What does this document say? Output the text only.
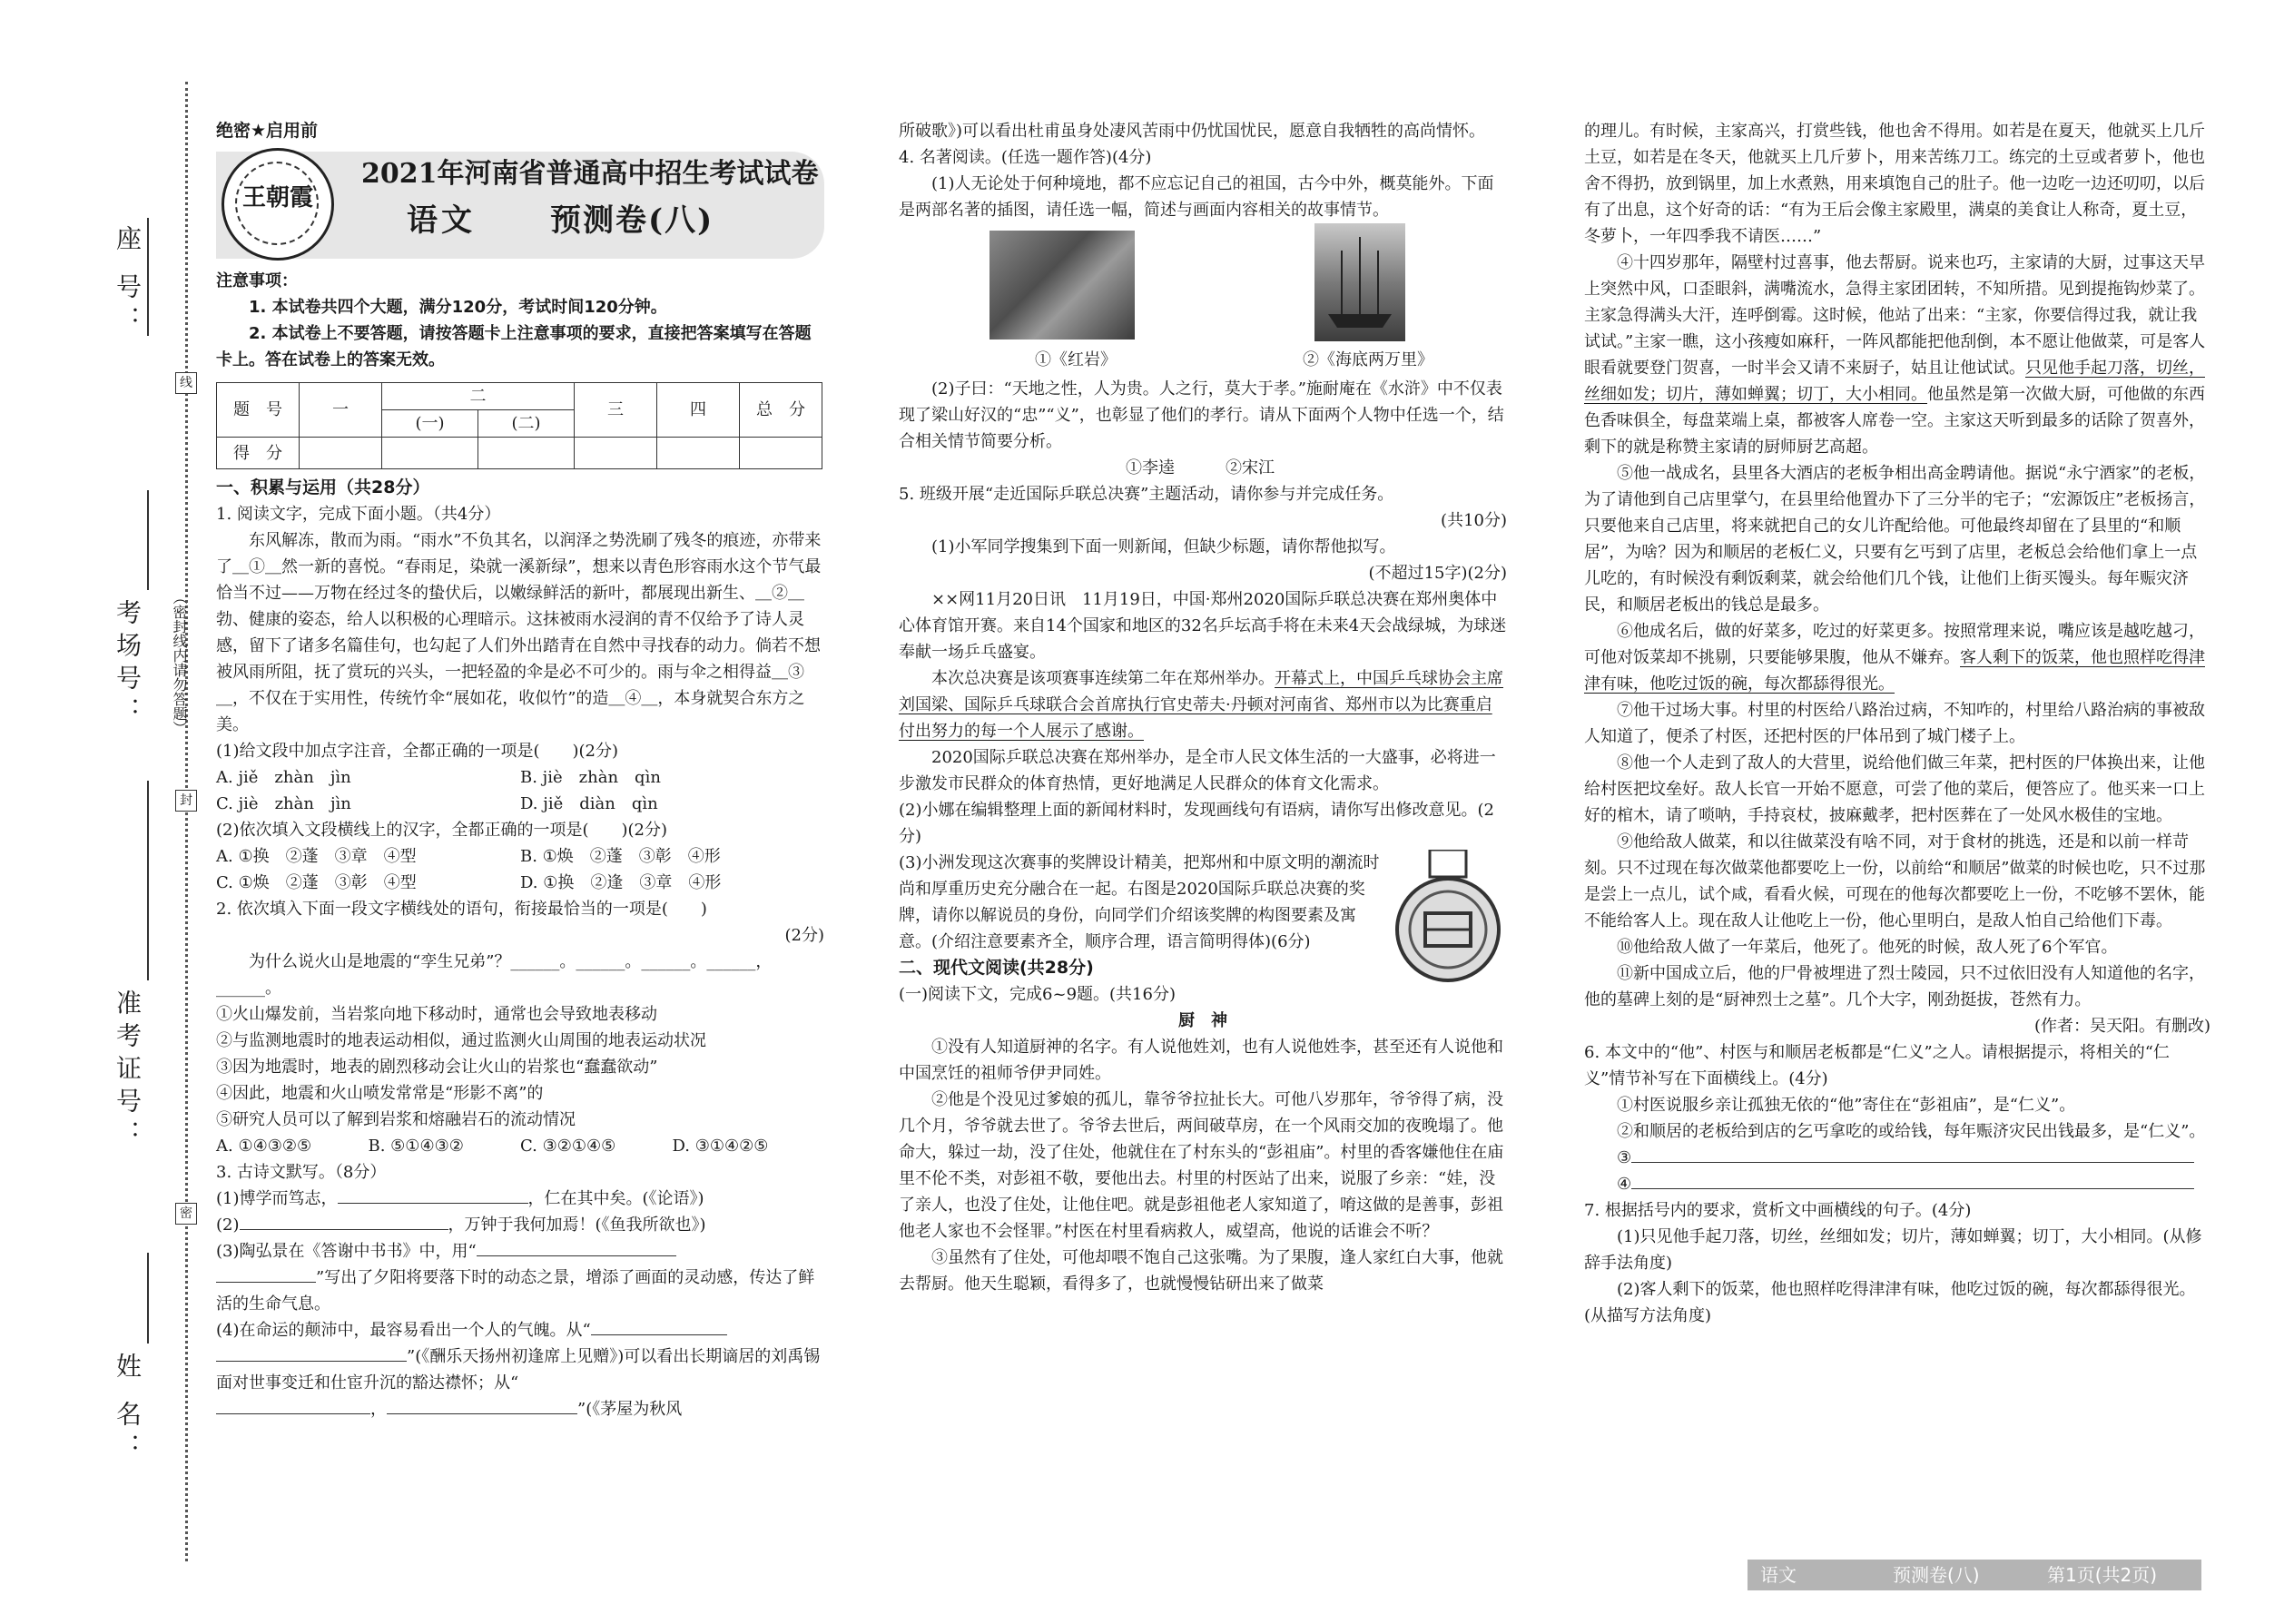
座 号：
考场号：
准考证号：
姓 名：
线
（密封线内请勿答题）
封
密
绝密★启用前
王朝霞
2021年河南省普通高中招生考试试卷
语文 预测卷(八)

注意事项：

1. 本试卷共四个大题，满分120分，考试时间120分钟。

2. 本试卷上不要答题，请按答题卡上注意事项的要求，直接把答案填写在答题卡上。答在试卷上的答案无效。

题　号	一	二		三	四	总　分
		(一)	(二)			
得　分						

一、积累与运用（共28分）

1. 阅读文字，完成下面小题。（共4分）

东风解冻，散而为雨。“雨水”不负其名，以润泽之势洗刷了残冬的痕迹，亦带来了＿①＿然一新的喜悦。“春雨足，染就一溪新绿”，想来以青色形容雨水这个节气最恰当不过——万物在经过冬的蛰伏后，以嫩绿鲜活的新叶，都展现出新生、＿②＿勃、健康的姿态，给人以积极的心理暗示。这抹被雨水浸润的青不仅给予了诗人灵感，留下了诸多名篇佳句，也勾起了人们外出踏青在自然中寻找春的动力。倘若不想被风雨所阻，抚了赏玩的兴头，一把轻盈的伞是必不可少的。雨与伞之相得益＿③＿，不仅在于实用性，传统竹伞“展如花，收似竹”的造＿④＿，本身就契合东方之美。

(1)给文段中加点字注音，全都正确的一项是(　　)(2分)

A. jiě　zhàn　jìn	B. jiè　zhàn　qìn
C. jiè　zhàn　jìn	D. jiě　diàn　qìn

(2)依次填入文段横线上的汉字，全都正确的一项是(　　)(2分)

A. ①换　②蓬　③章　④型	B. ①焕　②蓬　③彰　④形
C. ①焕　②蓬　③彰　④型	D. ①换　②逢　③章　④形

2. 依次填入下面一段文字横线处的语句，衔接最恰当的一项是(　　)

(2分)

为什么说火山是地震的“孪生兄弟”？______。______。______。______，______。

①火山爆发前，当岩浆向地下移动时，通常也会导致地表移动

②与监测地震时的地表运动相似，通过监测火山周围的地表运动状况

③因为地震时，地表的剧烈移动会让火山的岩浆也“蠢蠢欲动”

④因此，地震和火山喷发常常是“形影不离”的

⑤研究人员可以了解到岩浆和熔融岩石的流动情况

A. ①④③②⑤	B. ⑤①④③②	C. ③②①④⑤	D. ③①④②⑤

3. 古诗文默写。（8分）

(1)博学而笃志，	，仁在其中矣。(《论语》)

(2)	，万钟于我何加焉！(《鱼我所欲也》)

(3)陶弘景在《答谢中书书》中，用“

”写出了夕阳将要落下时的动态之景，增添了画面的灵动感，传达了鲜活的生命气息。

(4)在命运的颠沛中，最容易看出一个人的气魄。从“

”(《酬乐天扬州初逢席上见赠》)可以看出长期谪居的刘禹锡面对世事变迁和仕宦升沉的豁达襟怀；从“

，	”(《茅屋为秋风

所破歌》)可以看出杜甫虽身处凄风苦雨中仍忧国忧民，愿意自我牺牲的高尚情怀。

4. 名著阅读。(任选一题作答)(4分)

(1)人无论处于何种境地，都不应忘记自己的祖国，古今中外，概莫能外。下面是两部名著的插图，请任选一幅，简述与画面内容相关的故事情节。

①《红岩》	②《海底两万里》

(2)子曰：“天地之性，人为贵。人之行，莫大于孝。”施耐庵在《水浒》中不仅表现了梁山好汉的“忠”“义”，也彰显了他们的孝行。请从下面两个人物中任选一个，结合相关情节简要分析。

①李逵	②宋江

5. 班级开展“走近国际乒联总决赛”主题活动，请你参与并完成任务。

(共10分)

(1)小军同学搜集到下面一则新闻，但缺少标题，请你帮他拟写。

(不超过15字)(2分)

××网11月20日讯　11月19日，中国·郑州2020国际乒联总决赛在郑州奥体中心体育馆开赛。来自14个国家和地区的32名乒坛高手将在未来4天会战绿城，为球迷奉献一场乒乓盛宴。

本次总决赛是该项赛事连续第二年在郑州举办。开幕式上，中国乒乓球协会主席刘国梁、国际乒乓球联合会首席执行官史蒂夫·丹顿对河南省、郑州市以为比赛重启付出努力的每一个人展示了感谢。

2020国际乒联总决赛在郑州举办，是全市人民文体生活的一大盛事，必将进一步激发市民群众的体育热情，更好地满足人民群众的体育文化需求。

(2)小娜在编辑整理上面的新闻材料时，发现画线句有语病，请你写出修改意见。(2分)

(3)小洲发现这次赛事的奖牌设计精美，把郑州和中原文明的潮流时尚和厚重历史充分融合在一起。右图是2020国际乒联总决赛的奖牌，请你以解说员的身份，向同学们介绍该奖牌的构图要素及寓意。(介绍注意要素齐全，顺序合理，语言简明得体)(6分)

二、现代文阅读(共28分)

(一)阅读下文，完成6~9题。(共16分)

厨　神

①没有人知道厨神的名字。有人说他姓刘，也有人说他姓李，甚至还有人说他和中国烹饪的祖师爷伊尹同姓。

②他是个没见过爹娘的孤儿，靠爷爷拉扯长大。可他八岁那年，爷爷得了病，没几个月，爷爷就去世了。爷爷去世后，两间破草房，在一个风雨交加的夜晚塌了。他命大，躲过一劫，没了住处，他就住在了村东头的“彭祖庙”。村里的香客嫌他住在庙里不伦不类，对彭祖不敬，要他出去。村里的村医站了出来，说服了乡亲：“娃，没了亲人，也没了住处，让他住吧。就是彭祖他老人家知道了，唷这做的是善事，彭祖他老人家也不会怪罪。”村医在村里看病救人，威望高，他说的话谁会不听？

③虽然有了住处，可他却喂不饱自己这张嘴。为了果腹，逢人家红白大事，他就去帮厨。他天生聪颖，看得多了，也就慢慢钻研出来了做菜

的理儿。有时候，主家高兴，打赏些钱，他也舍不得用。如若是在夏天，他就买上几斤土豆，如若是在冬天，他就买上几斤萝卜，用来苦练刀工。练完的土豆或者萝卜，他也舍不得扔，放到锅里，加上水煮熟，用来填饱自己的肚子。他一边吃一边还叨叨，以后有了出息，这个好奇的话：“有为王后会像主家殿里，满桌的美食让人称奇，夏土豆，冬萝卜，一年四季我不请医……”

④十四岁那年，隔壁村过喜事，他去帮厨。说来也巧，主家请的大厨，过事这天早上突然中风，口歪眼斜，满嘴流水，急得主家团团转，不知所措。见到提拖钩炒菜了。主家急得满头大汗，连呼倒霉。这时候，他站了出来：“主家，你要信得过我，就让我试试。”主家一瞧，这小孩瘦如麻秆，一阵风都能把他刮倒，本不愿让他做菜，可是客人眼看就要登门贺喜，一时半会又请不来厨子，姑且让他试试。只见他手起刀落，切丝，丝细如发；切片，薄如蝉翼；切丁，大小相同。他虽然是第一次做大厨，可他做的东西色香味俱全，每盘菜端上桌，都被客人席卷一空。主家这天听到最多的话除了贺喜外，剩下的就是称赞主家请的厨师厨艺高超。

⑤他一战成名，县里各大酒店的老板争相出高金聘请他。据说“永宁酒家”的老板，为了请他到自己店里掌勺，在县里给他置办下了三分半的宅子；“宏源饭庄”老板扬言，只要他来自己店里，将来就把自己的女儿许配给他。可他最终却留在了县里的“和顺居”，为啥？因为和顺居的老板仁义，只要有乞丐到了店里，老板总会给他们拿上一点儿吃的，有时候没有剩饭剩菜，就会给他们几个钱，让他们上街买馒头。每年赈灾济民，和顺居老板出的钱总是最多。

⑥他成名后，做的好菜多，吃过的好菜更多。按照常理来说，嘴应该是越吃越刁，可他对饭菜却不挑剔，只要能够果腹，他从不嫌弃。客人剩下的饭菜，他也照样吃得津津有味，他吃过饭的碗，每次都舔得很光。

⑦他干过场大事。村里的村医给八路治过病，不知咋的，村里给八路治病的事被敌人知道了，便杀了村医，还把村医的尸体吊到了城门楼子上。

⑧他一个人走到了敌人的大营里，说给他们做三年菜，把村医的尸体换出来，让他给村医把坟垒好。敌人长官一开始不愿意，可尝了他的菜后，便答应了。他买来一口上好的棺木，请了唢呐，手持哀杖，披麻戴孝，把村医葬在了一处风水极佳的宝地。

⑨他给敌人做菜，和以往做菜没有啥不同，对于食材的挑选，还是和以前一样苛刻。只不过现在每次做菜他都要吃上一份，以前给“和顺居”做菜的时候也吃，只不过那是尝上一点儿，试个咸，看看火候，可现在的他每次都要吃上一份，不吃够不罢休，能不能给客人上。现在敌人让他吃上一份，他心里明白，是敌人怕自己给他们下毒。

⑩他给敌人做了一年菜后，他死了。他死的时候，敌人死了6个军官。

⑪新中国成立后，他的尸骨被埋进了烈士陵园，只不过依旧没有人知道他的名字，他的墓碑上刻的是“厨神烈士之墓”。几个大字，刚劲挺拔，苍然有力。

(作者：吴天阳。有删改)

6. 本文中的“他”、村医与和顺居老板都是“仁义”之人。请根据提示，将相关的“仁义”情节补写在下面横线上。(4分)

①村医说服乡亲让孤独无依的“他”寄住在“彭祖庙”，是“仁义”。

②和顺居的老板给到店的乞丐拿吃的或给钱，每年赈济灾民出钱最多，是“仁义”。

③

④

7. 根据括号内的要求，赏析文中画横线的句子。(4分)

(1)只见他手起刀落，切丝，丝细如发；切片，薄如蝉翼；切丁，大小相同。(从修辞手法角度)

(2)客人剩下的饭菜，他也照样吃得津津有味，他吃过饭的碗，每次都舔得很光。(从描写方法角度)

语文	预测卷(八)	第1页(共2页)
